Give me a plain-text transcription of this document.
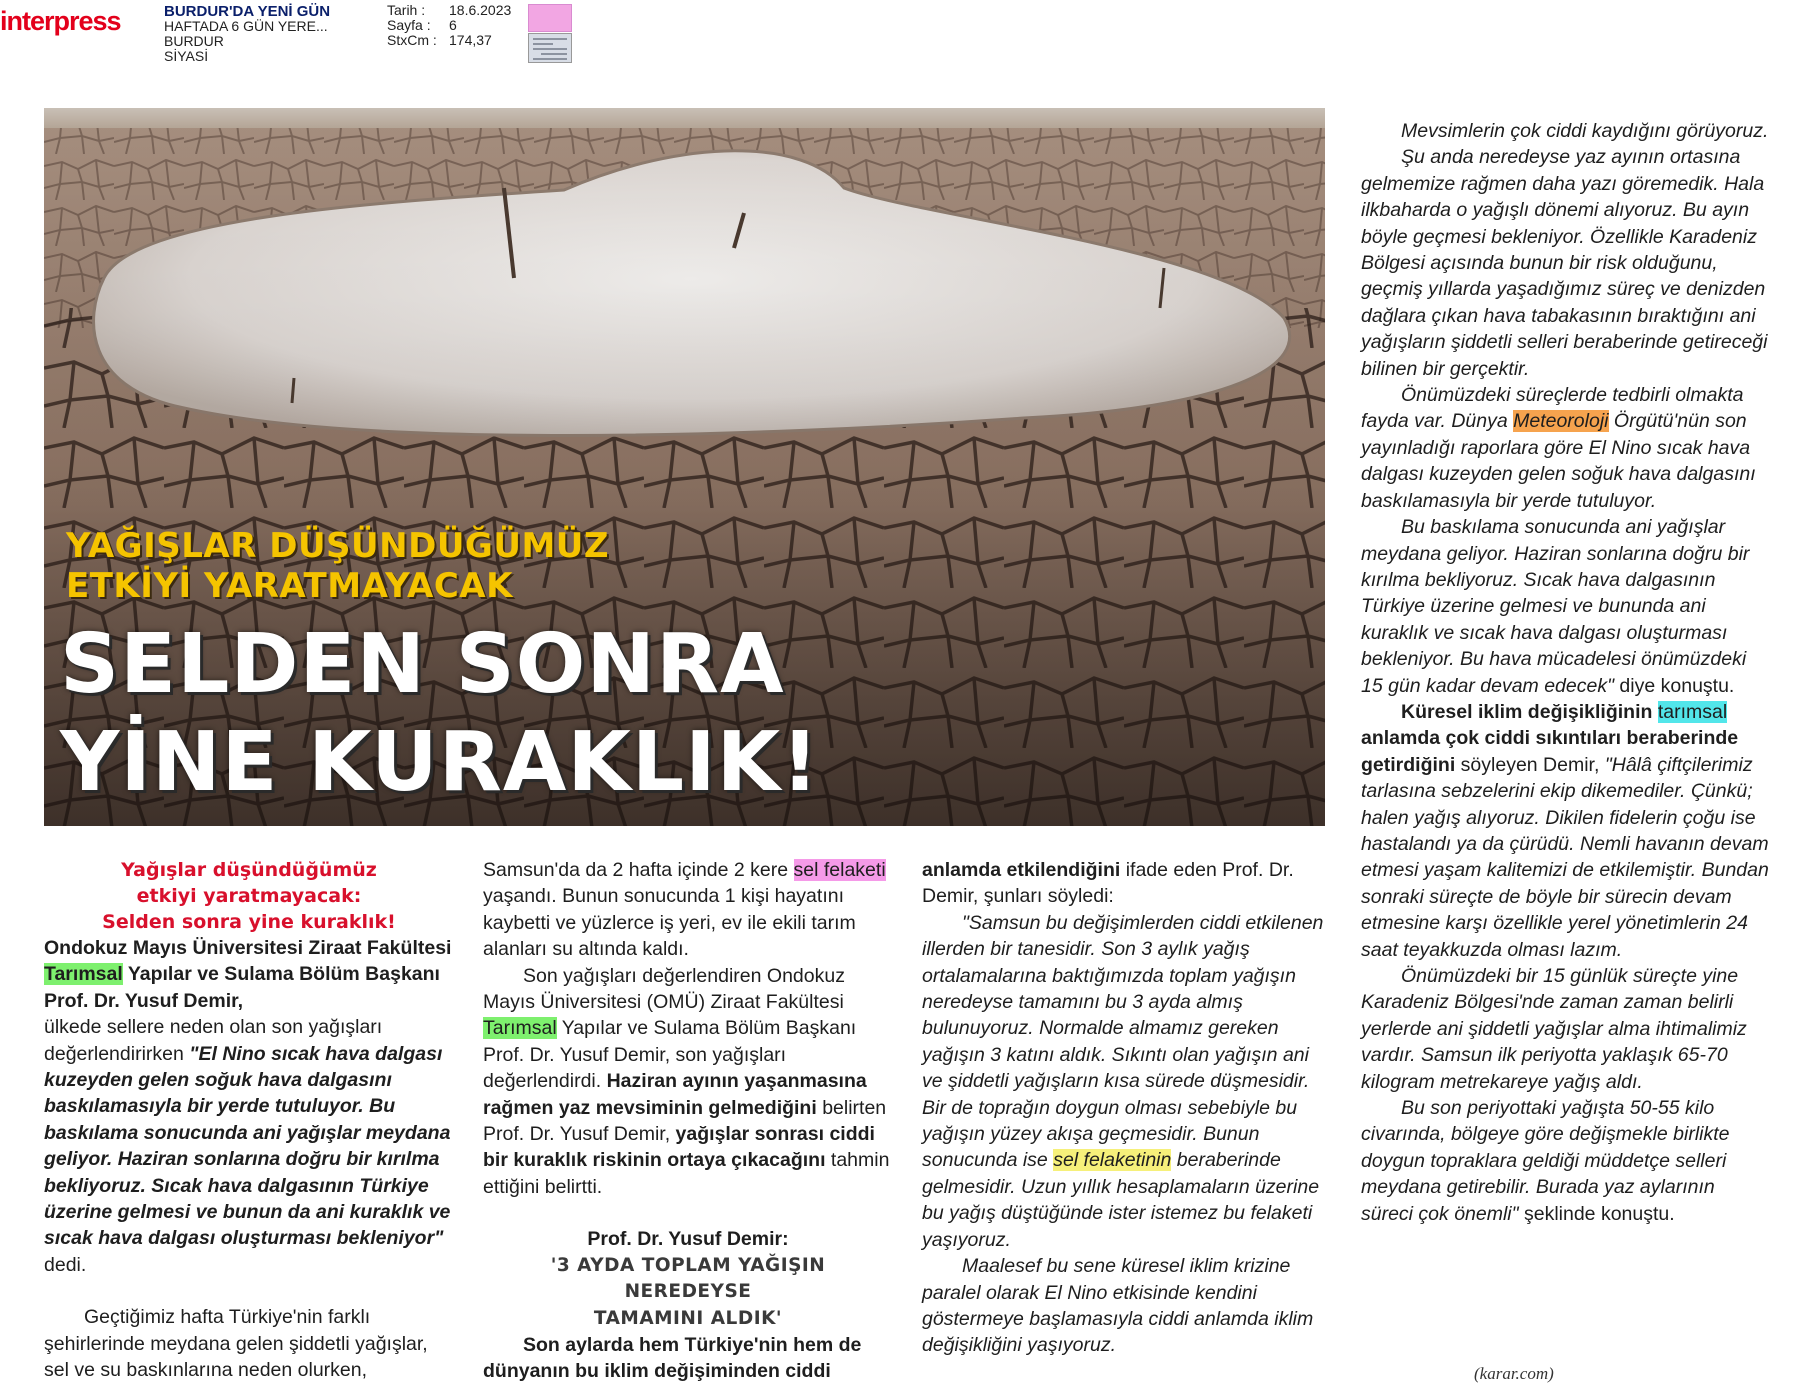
interpress	BURDUR'DA YENİ GÜN
HAFTADA 6 GÜN YERE...
BURDUR
SİYASİ
Tarih :	18.6.2023
Sayfa :	6
StxCm : 174,37
YAĞIŞLAR DÜŞÜNDÜĞÜMÜZ
ETKİYİ YARATMAYACAK
SELDEN SONRA
YİNE KURAKLIK!

Yağışlar düşündüğümüz

etkiyi yaratmayacak:

Selden sonra yine kuraklık!

Ondokuz Mayıs Üniversitesi Ziraat Fakültesi Tarımsal Yapılar ve Sulama Bölüm Başkanı Prof. Dr. Yusuf Demir,

ülkede sellere neden olan son yağışları değerlendirirken "El Nino sıcak hava dalgası kuzeyden gelen soğuk hava dalgasını baskılamasıyla bir yerde tutuluyor. Bu baskılama sonucunda ani yağışlar meydana geliyor. Haziran sonlarına doğru bir kırılma bekliyoruz. Sıcak hava dalgasının Türkiye üzerine gelmesi ve bunun da ani kuraklık ve sıcak hava dalgası oluşturması bekleniyor" dedi.

Geçtiğimiz hafta Türkiye'nin farklı şehirlerinde meydana gelen şiddetli yağışlar, sel ve su baskınlarına neden olurken,

Samsun'da da 2 hafta içinde 2 kere sel felaketi yaşandı. Bunun sonucunda 1 kişi hayatını kaybetti ve yüzlerce iş yeri, ev ile ekili tarım alanları su altında kaldı.

Son yağışları değerlendiren Ondokuz Mayıs Üniversitesi (OMÜ) Ziraat Fakültesi Tarımsal Yapılar ve Sulama Bölüm Başkanı Prof. Dr. Yusuf Demir, son yağışları değerlendirdi. Haziran ayının yaşanmasına rağmen yaz mevsiminin gelmediğini belirten Prof. Dr. Yusuf Demir, yağışlar sonrası ciddi bir kuraklık riskinin ortaya çıkacağını tahmin ettiğini belirtti.

Prof. Dr. Yusuf Demir:

'3 AYDA TOPLAM YAĞIŞIN

NEREDEYSE

TAMAMINI ALDIK'

Son aylarda hem Türkiye'nin hem de dünyanın bu iklim değişiminden ciddi

anlamda etkilendiğini ifade eden Prof. Dr. Demir, şunları söyledi:

"Samsun bu değişimlerden ciddi etkilenen illerden bir tanesidir. Son 3 aylık yağış ortalamalarına baktığımızda toplam yağışın neredeyse tamamını bu 3 ayda almış bulunuyoruz. Normalde almamız gereken yağışın 3 katını aldık. Sıkıntı olan yağışın ani ve şiddetli yağışların kısa sürede düşmesidir. Bir de toprağın doygun olması sebebiyle bu yağışın yüzey akışa geçmesidir. Bunun sonucunda ise sel felaketinin beraberinde gelmesidir. Uzun yıllık hesaplamaların üzerine bu yağış düştüğünde ister istemez bu felaketi yaşıyoruz.

Maalesef bu sene küresel iklim krizine paralel olarak El Nino etkisinde kendini göstermeye başlamasıyla ciddi anlamda iklim değişikliğini yaşıyoruz.

Mevsimlerin çok ciddi kaydığını görüyoruz.

Şu anda neredeyse yaz ayının ortasına gelmemize rağmen daha yazı göremedik. Hala ilkbaharda o yağışlı dönemi alıyoruz. Bu ayın böyle geçmesi bekleniyor. Özellikle Karadeniz Bölgesi açısında bunun bir risk olduğunu, geçmiş yıllarda yaşadığımız süreç ve denizden dağlara çıkan hava tabakasının bıraktığını ani yağışların şiddetli selleri beraberinde getireceği bilinen bir gerçektir.

Önümüzdeki süreçlerde tedbirli olmakta fayda var. Dünya Meteoroloji Örgütü'nün son yayınladığı raporlara göre El Nino sıcak hava dalgası kuzeyden gelen soğuk hava dalgasını baskılamasıyla bir yerde tutuluyor.

Bu baskılama sonucunda ani yağışlar meydana geliyor. Haziran sonlarına doğru bir kırılma bekliyoruz. Sıcak hava dalgasının Türkiye üzerine gelmesi ve bununda ani kuraklık ve sıcak hava dalgası oluşturması bekleniyor. Bu hava mücadelesi önümüzdeki 15 gün kadar devam edecek" diye konuştu.

Küresel iklim değişikliğinin tarımsal anlamda çok ciddi sıkıntıları beraberinde getirdiğini söyleyen Demir, "Hâlâ çiftçilerimiz tarlasına sebzelerini ekip dikemediler. Çünkü; halen yağış alıyoruz. Dikilen fidelerin çoğu ise hastalandı ya da çürüdü. Nemli havanın devam etmesi yaşam kalitemizi de etkilemiştir. Bundan sonraki süreçte de böyle bir sürecin devam etmesine karşı özellikle yerel yönetimlerin 24 saat teyakkuzda olması lazım.

Önümüzdeki bir 15 günlük süreçte yine Karadeniz Bölgesi'nde zaman zaman belirli yerlerde ani şiddetli yağışlar alma ihtimalimiz vardır. Samsun ilk periyotta yaklaşık 65-70 kilogram metrekareye yağış aldı.

Bu son periyottaki yağışta 50-55 kilo civarında, bölgeye göre değişmekle birlikte doygun topraklara geldiği müddetçe selleri meydana getirebilir. Burada yaz aylarının süreci çok önemli" şeklinde konuştu.

(karar.com)
